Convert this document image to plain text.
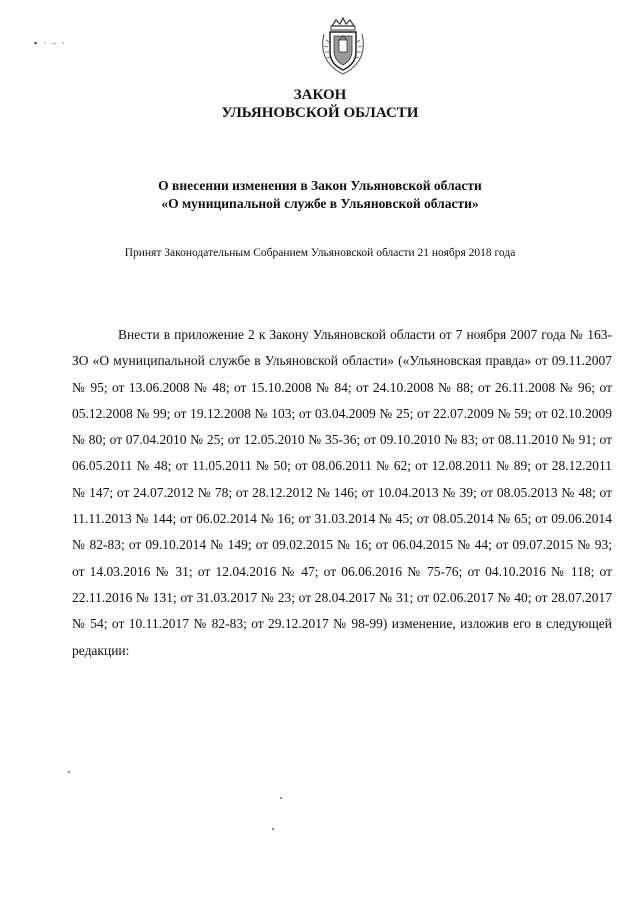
▪ · - ·
ЗАКОН
УЛЬЯНОВСКОЙ ОБЛАСТИ
О внесении изменения в Закон Ульяновской области
«О муниципальной службе в Ульяновской области»
Принят Законодательным Собранием Ульяновской области 21 ноября 2018 года

Внести в приложение 2 к Закону Ульяновской области от 7 ноября 2007 года № 163-ЗО «О муниципальной службе в Ульяновской области» («Ульяновская правда» от 09.11.2007 № 95; от 13.06.2008 № 48; от 15.10.2008 № 84; от 24.10.2008 № 88; от 26.11.2008 № 96; от 05.12.2008 № 99; от 19.12.2008 № 103; от 03.04.2009 № 25; от 22.07.2009 № 59; от 02.10.2009 № 80; от 07.04.2010 № 25; от 12.05.2010 № 35-36; от 09.10.2010 № 83; от 08.11.2010 № 91; от 06.05.2011 № 48; от 11.05.2011 № 50; от 08.06.2011 № 62; от 12.08.2011 № 89; от 28.12.2011 № 147; от 24.07.2012 № 78; от 28.12.2012 № 146; от 10.04.2013 № 39; от 08.05.2013 № 48; от 11.11.2013 № 144; от 06.02.2014 № 16; от 31.03.2014 № 45; от 08.05.2014 № 65; от 09.06.2014 № 82-83; от 09.10.2014 № 149; от 09.02.2015 № 16; от 06.04.2015 № 44; от 09.07.2015 № 93; от 14.03.2016 № 31; от 12.04.2016 № 47; от 06.06.2016 № 75-76; от 04.10.2016 № 118; от 22.11.2016 № 131; от 31.03.2017 № 23; от 28.04.2017 № 31; от 02.06.2017 № 40; от 28.07.2017 № 54; от 10.11.2017 № 82-83; от 29.12.2017 № 98-99) изменение, изложив его в следующей редакции:
